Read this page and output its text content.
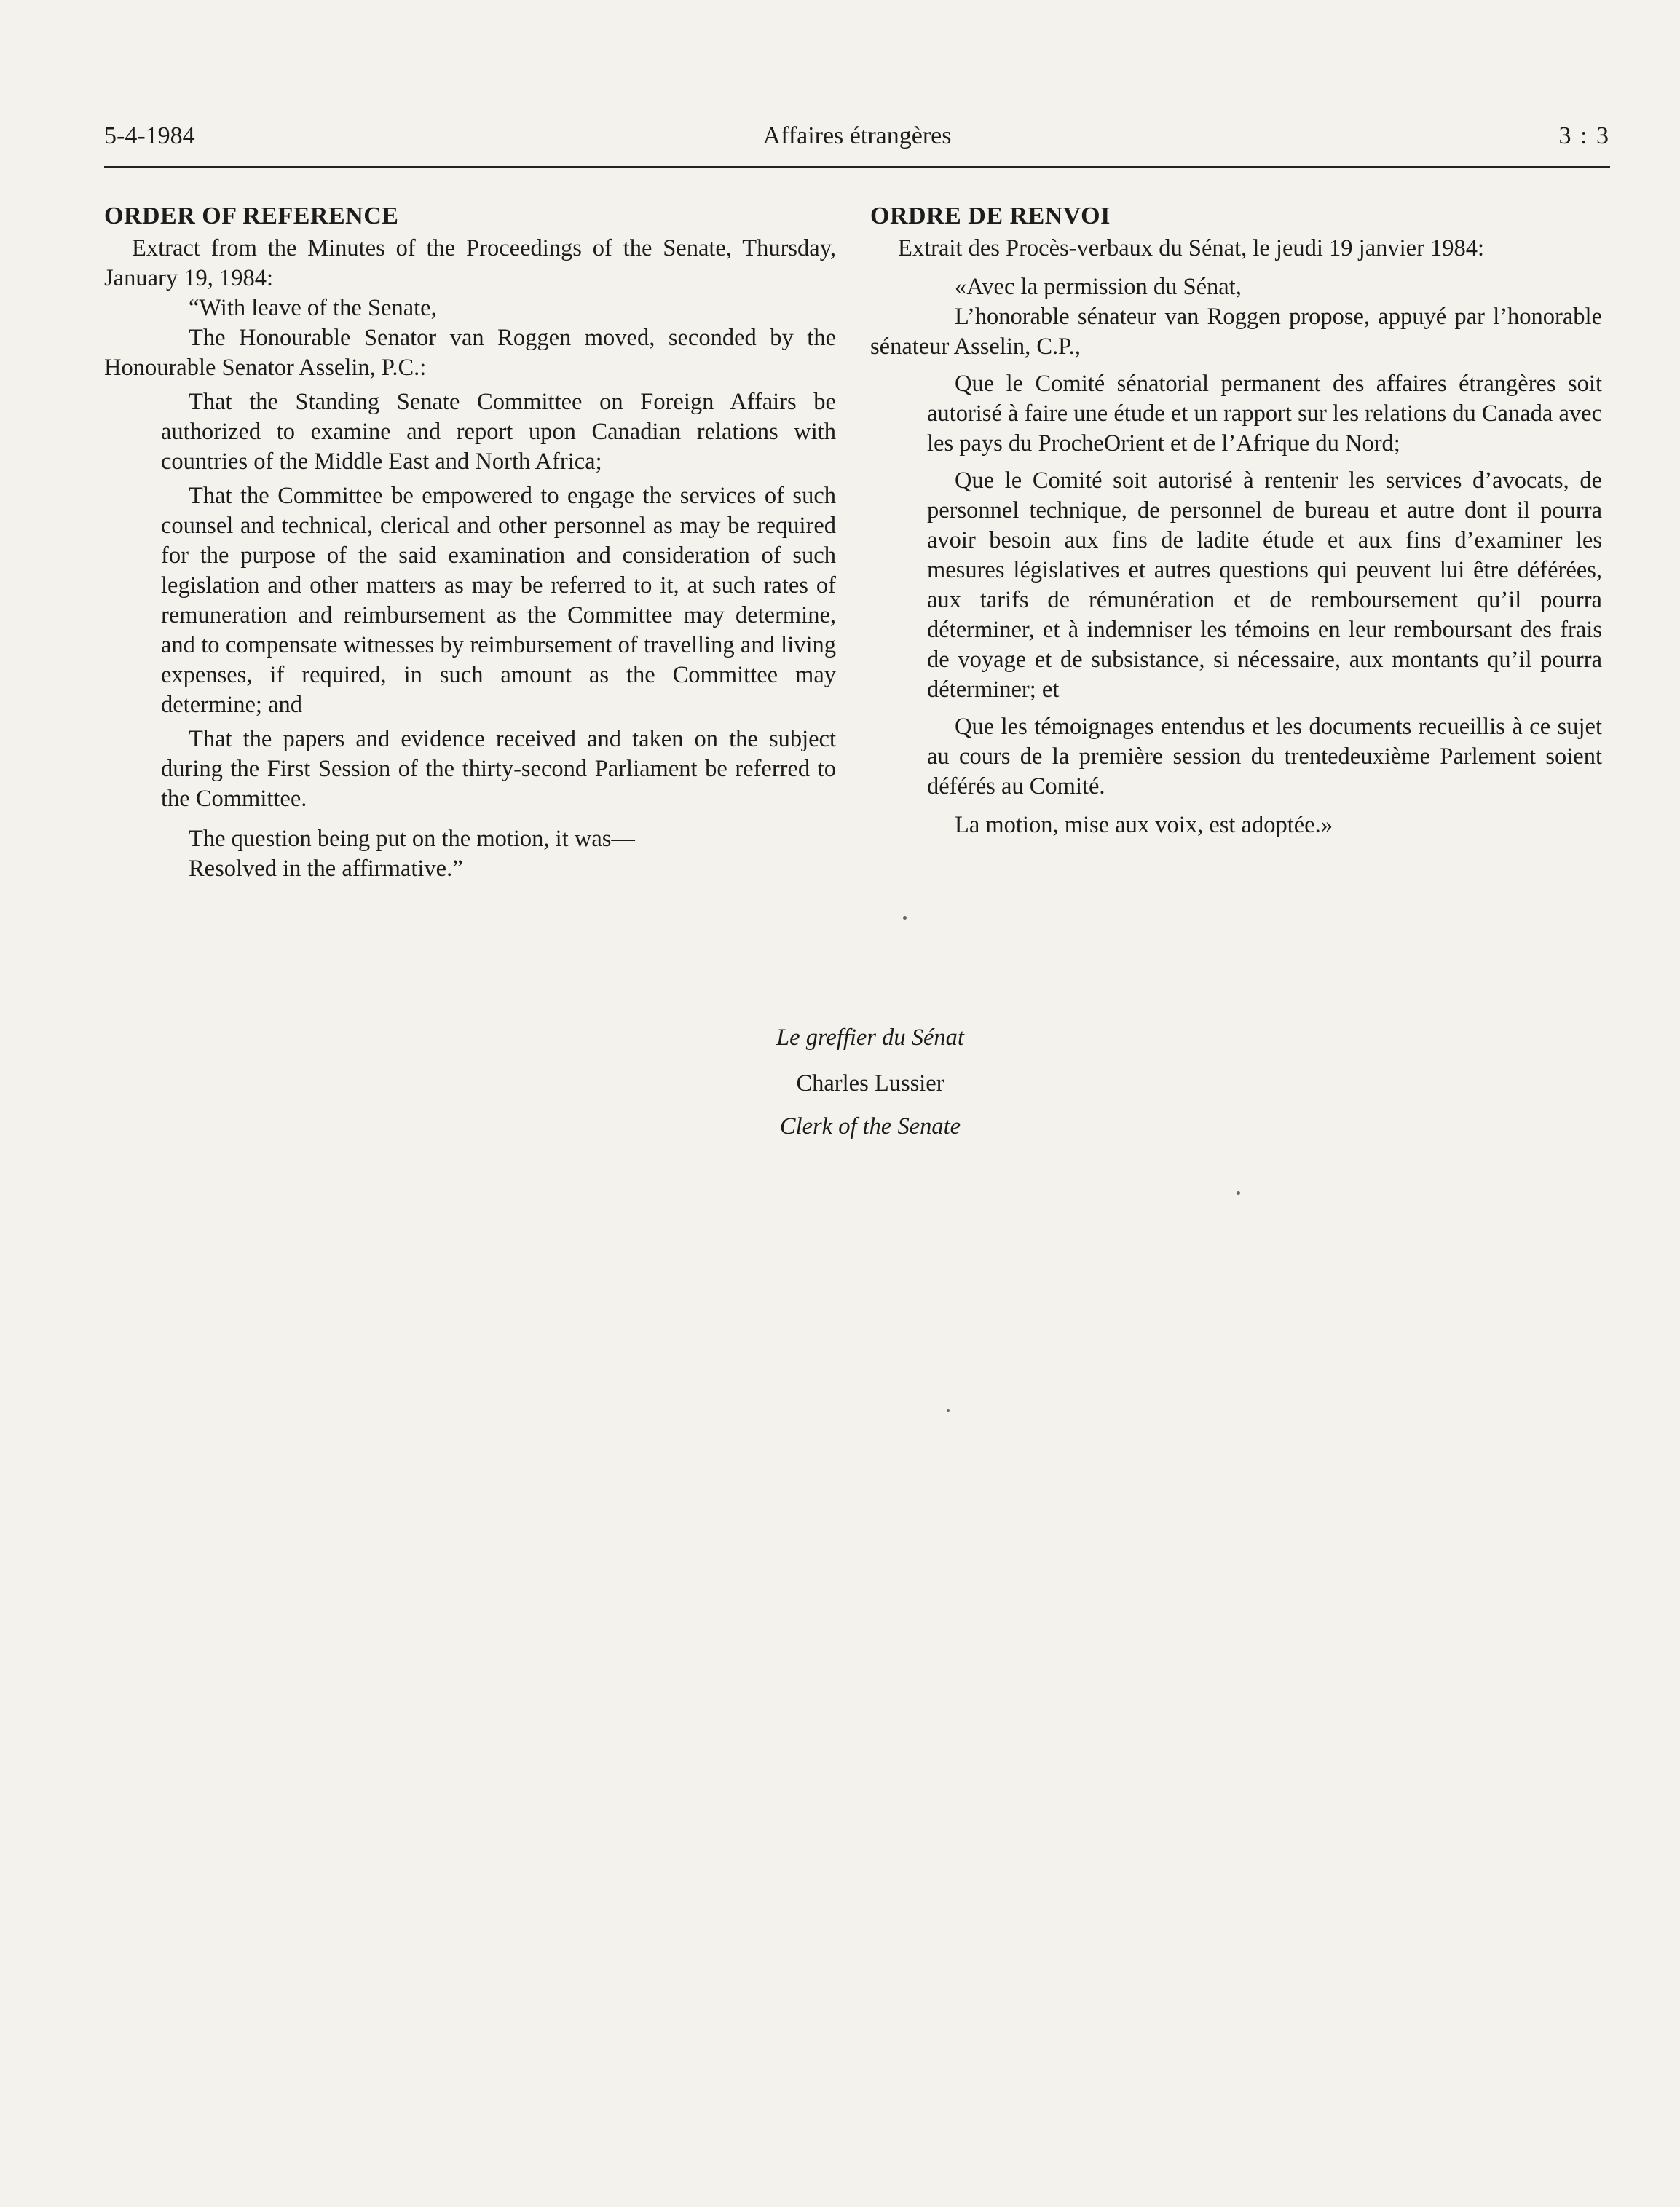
5-4-1984	Affaires étrangères	3 : 3
ORDER OF REFERENCE

Extract from the Minutes of the Proceedings of the Senate, Thursday, January 19, 1984:

“With leave of the Senate,

The Honourable Senator van Roggen moved, seconded by the Honourable Senator Asselin, P.C.:

That the Standing Senate Committee on Foreign Affairs be authorized to examine and report upon Canadian relations with countries of the Middle East and North Africa;

That the Committee be empowered to engage the services of such counsel and technical, clerical and other personnel as may be required for the purpose of the said examination and consideration of such legislation and other matters as may be referred to it, at such rates of remuneration and reimbursement as the Committee may determine, and to compensate witnesses by reimbursement of travelling and living expenses, if required, in such amount as the Committee may determine; and

That the papers and evidence received and taken on the subject during the First Session of the thirty-second Parliament be referred to the Committee.

The question being put on the motion, it was—

Resolved in the affirmative.”

ORDRE DE RENVOI

Extrait des Procès-verbaux du Sénat, le jeudi 19 janvier 1984:

«Avec la permission du Sénat,

L’honorable sénateur van Roggen propose, appuyé par l’honorable sénateur Asselin, C.P.,

Que le Comité sénatorial permanent des affaires étrangères soit autorisé à faire une étude et un rapport sur les relations du Canada avec les pays du ProcheOrient et de l’Afrique du Nord;

Que le Comité soit autorisé à rentenir les services d’avocats, de personnel technique, de personnel de bureau et autre dont il pourra avoir besoin aux fins de ladite étude et aux fins d’examiner les mesures législatives et autres questions qui peuvent lui être déférées, aux tarifs de rémunération et de remboursement qu’il pourra déterminer, et à indemniser les témoins en leur remboursant des frais de voyage et de subsistance, si nécessaire, aux montants qu’il pourra déterminer; et

Que les témoignages entendus et les documents recueillis à ce sujet au cours de la première session du trentedeuxième Parlement soient déférés au Comité.

La motion, mise aux voix, est adoptée.»

Le greffier du Sénat
Charles Lussier
Clerk of the Senate
